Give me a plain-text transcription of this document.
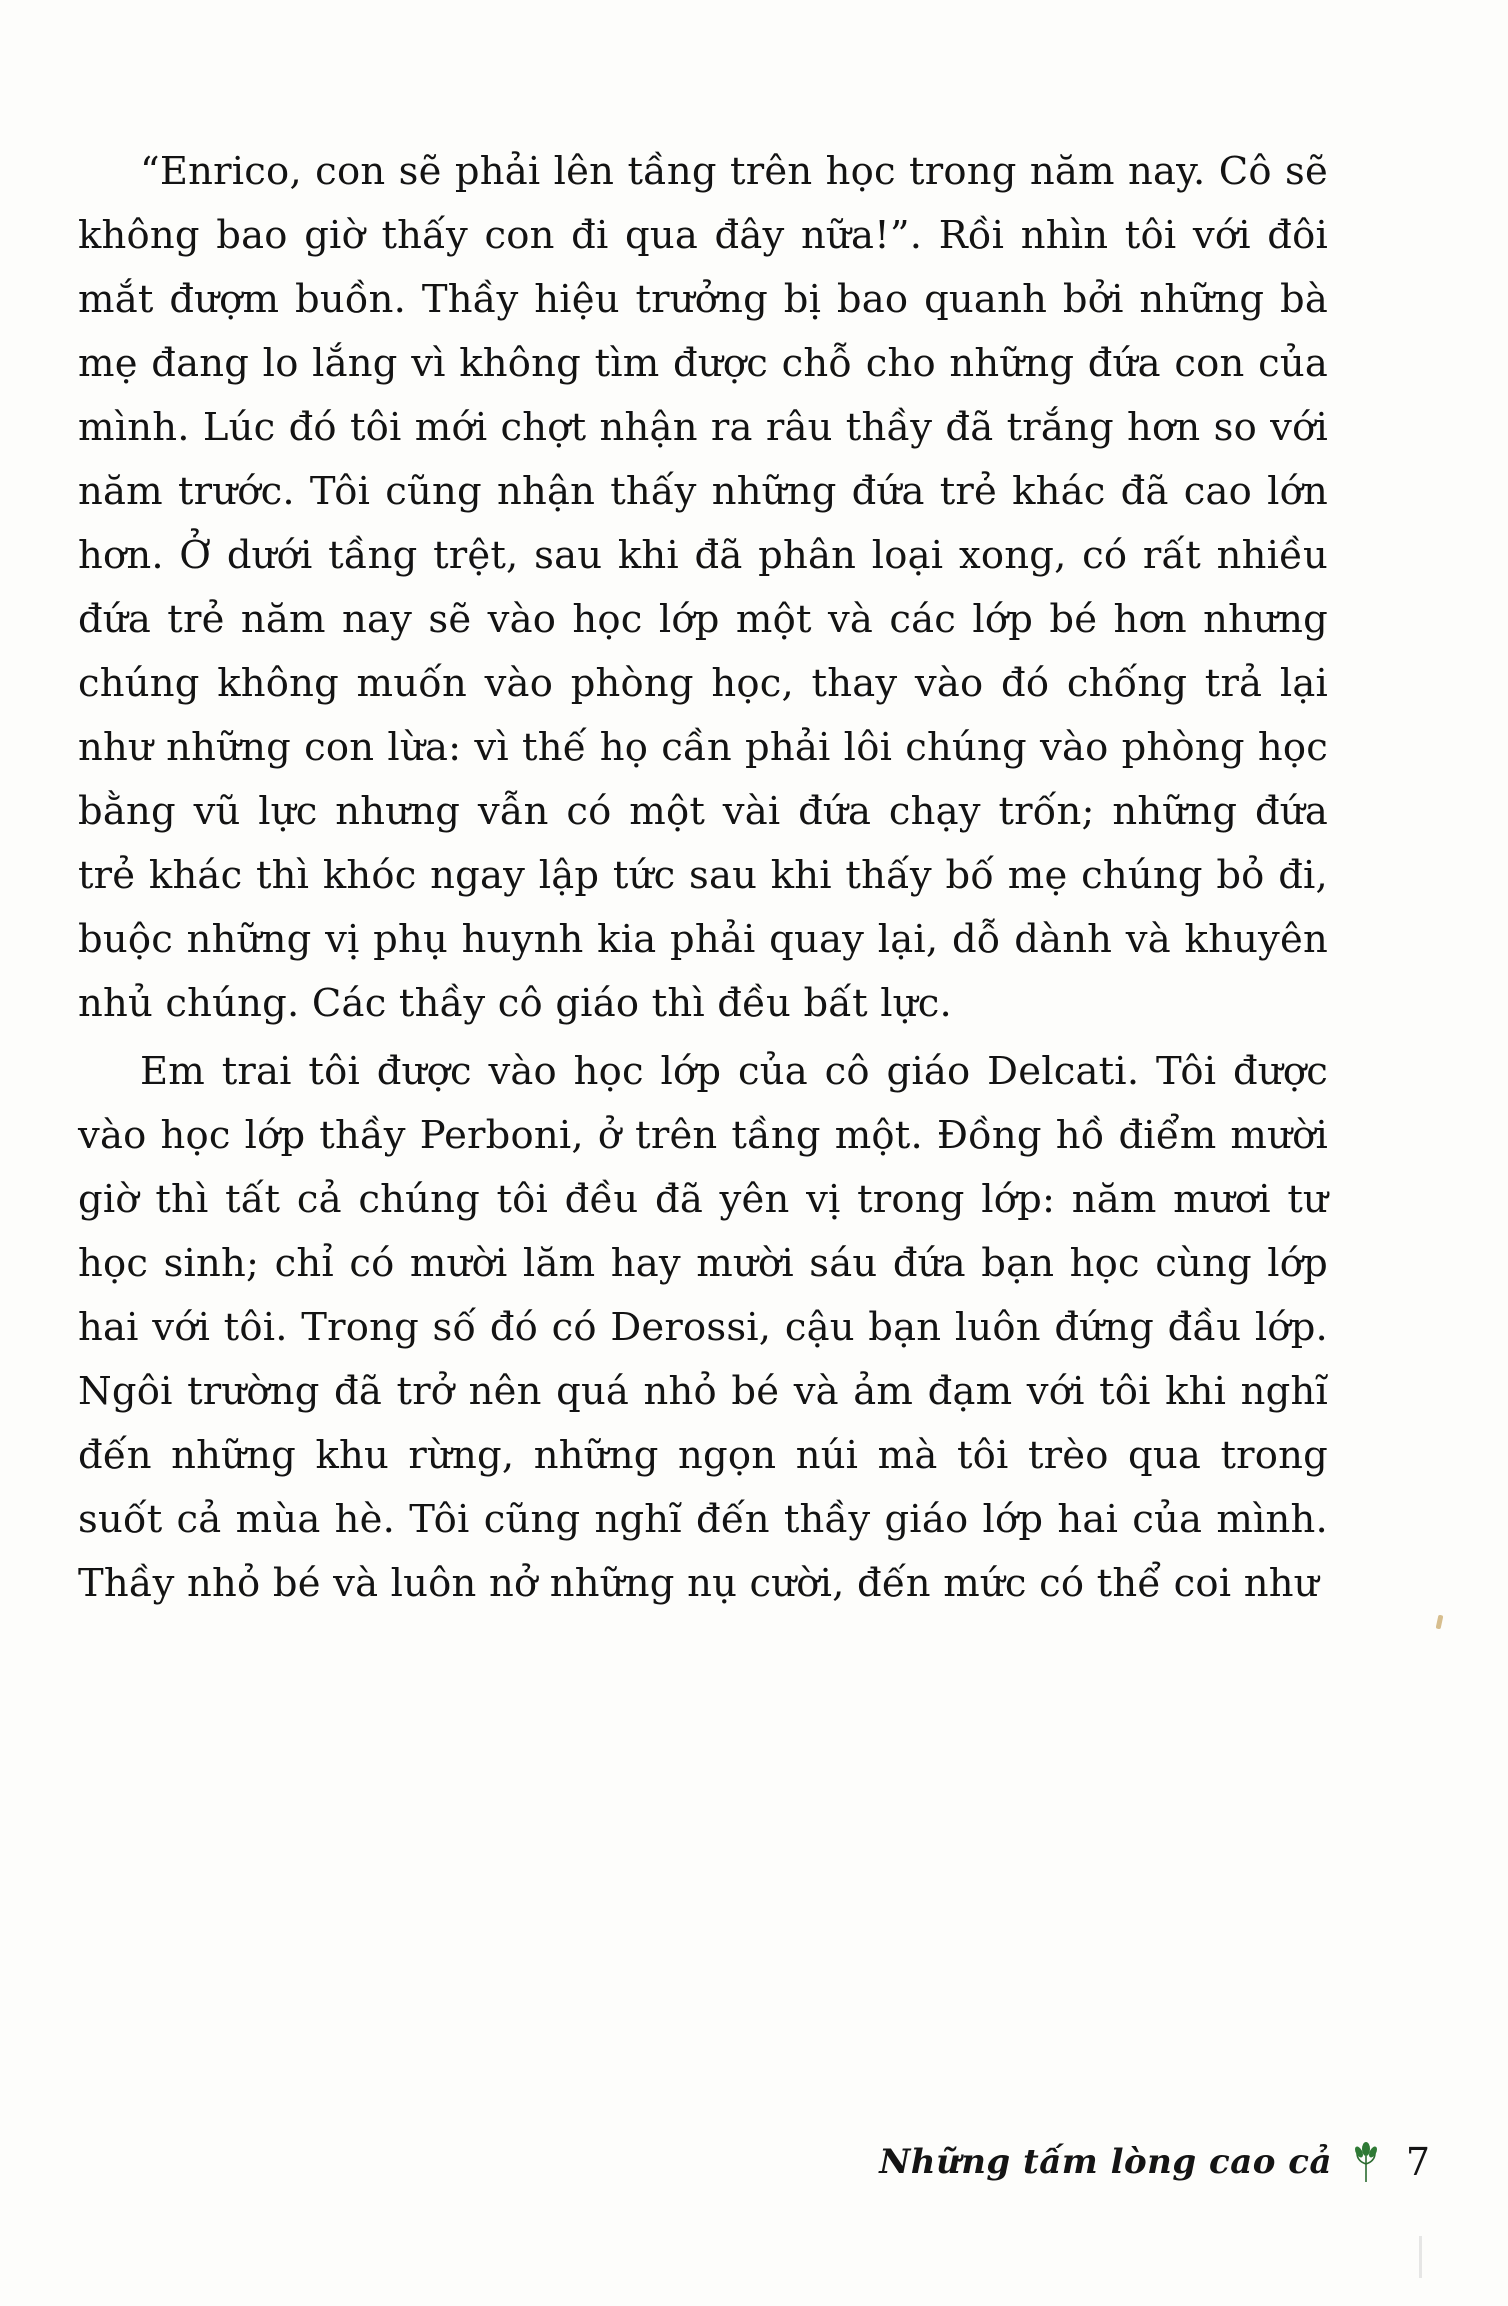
“Enrico, con sẽ phải lên tầng trên học trong năm nay. Cô sẽ không bao giờ thấy con đi qua đây nữa!”. Rồi nhìn tôi với đôi mắt đượm buồn. Thầy hiệu trưởng bị bao quanh bởi những bà mẹ đang lo lắng vì không tìm được chỗ cho những đứa con của mình. Lúc đó tôi mới chợt nhận ra râu thầy đã trắng hơn so với năm trước. Tôi cũng nhận thấy những đứa trẻ khác đã cao lớn hơn. Ở dưới tầng trệt, sau khi đã phân loại xong, có rất nhiều đứa trẻ năm nay sẽ vào học lớp một và các lớp bé hơn nhưng chúng không muốn vào phòng học, thay vào đó chống trả lại như những con lừa: vì thế họ cần phải lôi chúng vào phòng học bằng vũ lực nhưng vẫn có một vài đứa chạy trốn; những đứa trẻ khác thì khóc ngay lập tức sau khi thấy bố mẹ chúng bỏ đi, buộc những vị phụ huynh kia phải quay lại, dỗ dành và khuyên nhủ chúng. Các thầy cô giáo thì đều bất lực.

Em trai tôi được vào học lớp của cô giáo Delcati. Tôi được vào học lớp thầy Perboni, ở trên tầng một. Đồng hồ điểm mười giờ thì tất cả chúng tôi đều đã yên vị trong lớp: năm mươi tư học sinh; chỉ có mười lăm hay mười sáu đứa bạn học cùng lớp hai với tôi. Trong số đó có Derossi, cậu bạn luôn đứng đầu lớp. Ngôi trường đã trở nên quá nhỏ bé và ảm đạm với tôi khi nghĩ đến những khu rừng, những ngọn núi mà tôi trèo qua trong suốt cả mùa hè. Tôi cũng nghĩ đến thầy giáo lớp hai của mình. Thầy nhỏ bé và luôn nở những nụ cười, đến mức có thể coi như

Những tấm lòng cao cả 7
